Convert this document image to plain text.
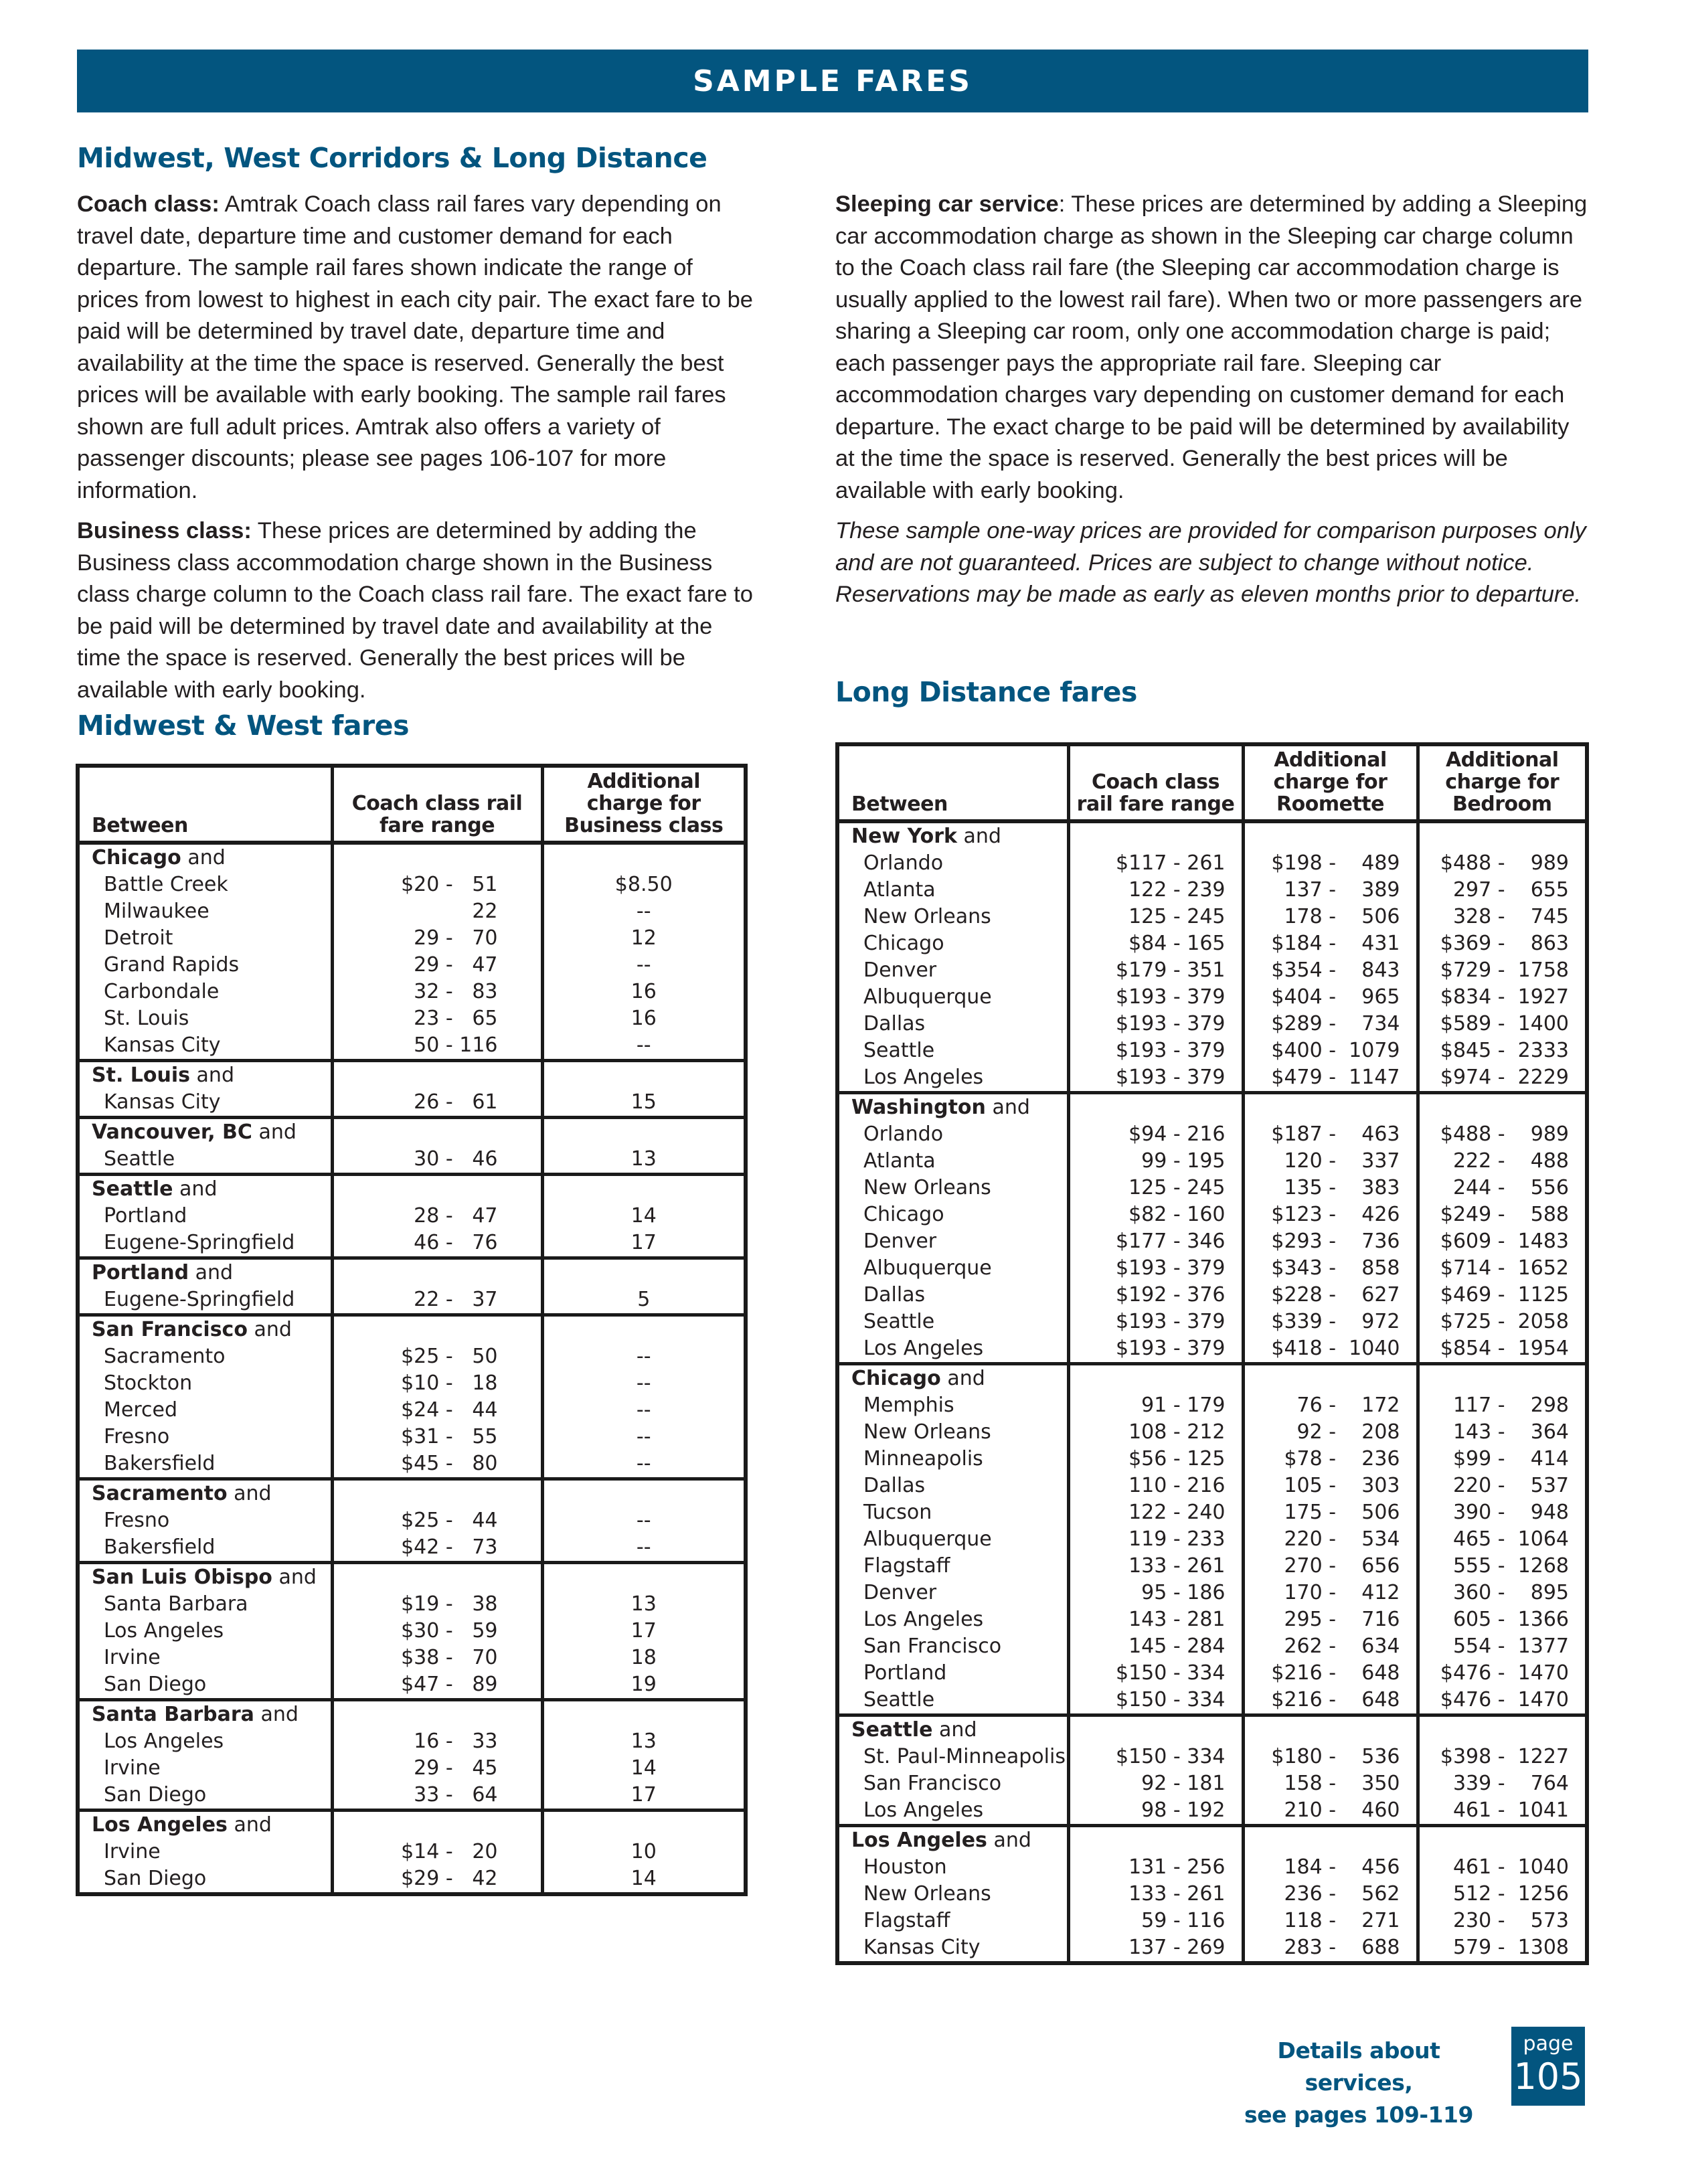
SAMPLE FARES
Midwest, West Corridors & Long Distance

Coach class: Amtrak Coach class rail fares vary depending on travel date, departure time and customer demand for each departure. The sample rail fares shown indicate the range of prices from lowest to highest in each city pair. The exact fare to be paid will be determined by travel date, departure time and availability at the time the space is reserved. Generally the best prices will be available with early booking. The sample rail fares shown are full adult prices. Amtrak also offers a variety of passenger discounts; please see pages 106-107 for more information.

Business class: These prices are determined by adding the Business class accommodation charge shown in the Business class charge column to the Coach class rail fare. The exact fare to be paid will be determined by travel date and availability at the time the space is reserved. Generally the best prices will be available with early booking.

Midwest & West fares

Sleeping car service: These prices are determined by adding a Sleeping car accommodation charge as shown in the Sleeping car charge column to the Coach class rail fare (the Sleeping car accommodation charge is usually applied to the lowest rail fare). When two or more passengers are sharing a Sleeping car room, only one accommodation charge is paid; each passenger pays the appropriate rail fare. Sleeping car accommodation charges vary depending on customer demand for each departure. The exact charge to be paid will be determined by availability at the time the space is reserved. Generally the best prices will be available with early booking.

These sample one-way prices are provided for comparison purposes only and are not guaranteed. Prices are subject to change without notice. Reservations may be made as early as eleven months prior to departure.

Long Distance fares
Between	Coach class rail fare range	Additional charge for Business class
Chicago and		
Battle Creek	$20 -   51	$8.50
Milwaukee	22	--
Detroit	29 -   70	12
Grand Rapids	29 -   47	--
Carbondale	32 -   83	16
St. Louis	23 -   65	16
Kansas City	50 - 116	--
St. Louis and		
Kansas City	26 -   61	15
Vancouver, BC and		
Seattle	30 -   46	13
Seattle and		
Portland	28 -   47	14
Eugene-Springfield	46 -   76	17
Portland and		
Eugene-Springfield	22 -   37	5
San Francisco and		
Sacramento	$25 -   50	--
Stockton	$10 -   18	--
Merced	$24 -   44	--
Fresno	$31 -   55	--
Bakersfield	$45 -   80	--
Sacramento and		
Fresno	$25 -   44	--
Bakersfield	$42 -   73	--
San Luis Obispo and		
Santa Barbara	$19 -   38	13
Los Angeles	$30 -   59	17
Irvine	$38 -   70	18
San Diego	$47 -   89	19
Santa Barbara and		
Los Angeles	16 -   33	13
Irvine	29 -   45	14
San Diego	33 -   64	17
Los Angeles and		
Irvine	$14 -   20	10
San Diego	$29 -   42	14
Between	Coach class rail fare range	Additional charge for Roomette	Additional charge for Bedroom
New York and			
Orlando	$117 - 261	$198 -    489	$488 -    989
Atlanta	122 - 239	137 -    389	297 -    655
New Orleans	125 - 245	178 -    506	328 -    745
Chicago	$84 - 165	$184 -    431	$369 -    863
Denver	$179 - 351	$354 -    843	$729 -  1758
Albuquerque	$193 - 379	$404 -    965	$834 -  1927
Dallas	$193 - 379	$289 -    734	$589 -  1400
Seattle	$193 - 379	$400 -  1079	$845 -  2333
Los Angeles	$193 - 379	$479 -  1147	$974 -  2229
Washington and			
Orlando	$94 - 216	$187 -    463	$488 -    989
Atlanta	99 - 195	120 -    337	222 -    488
New Orleans	125 - 245	135 -    383	244 -    556
Chicago	$82 - 160	$123 -    426	$249 -    588
Denver	$177 - 346	$293 -    736	$609 -  1483
Albuquerque	$193 - 379	$343 -    858	$714 -  1652
Dallas	$192 - 376	$228 -    627	$469 -  1125
Seattle	$193 - 379	$339 -    972	$725 -  2058
Los Angeles	$193 - 379	$418 -  1040	$854 -  1954
Chicago and			
Memphis	91 - 179	76 -    172	117 -    298
New Orleans	108 - 212	92 -    208	143 -    364
Minneapolis	$56 - 125	$78 -    236	$99 -    414
Dallas	110 - 216	105 -    303	220 -    537
Tucson	122 - 240	175 -    506	390 -    948
Albuquerque	119 - 233	220 -    534	465 -  1064
Flagstaff	133 - 261	270 -    656	555 -  1268
Denver	95 - 186	170 -    412	360 -    895
Los Angeles	143 - 281	295 -    716	605 -  1366
San Francisco	145 - 284	262 -    634	554 -  1377
Portland	$150 - 334	$216 -    648	$476 -  1470
Seattle	$150 - 334	$216 -    648	$476 -  1470
Seattle and			
St. Paul-Minneapolis	$150 - 334	$180 -    536	$398 -  1227
San Francisco	92 - 181	158 -    350	339 -    764
Los Angeles	98 - 192	210 -    460	461 -  1041
Los Angeles and			
Houston	131 - 256	184 -    456	461 -  1040
New Orleans	133 - 261	236 -    562	512 -  1256
Flagstaff	59 - 116	118 -    271	230 -    573
Kansas City	137 - 269	283 -    688	579 -  1308
Details about services,
see pages 109-119
page
105
